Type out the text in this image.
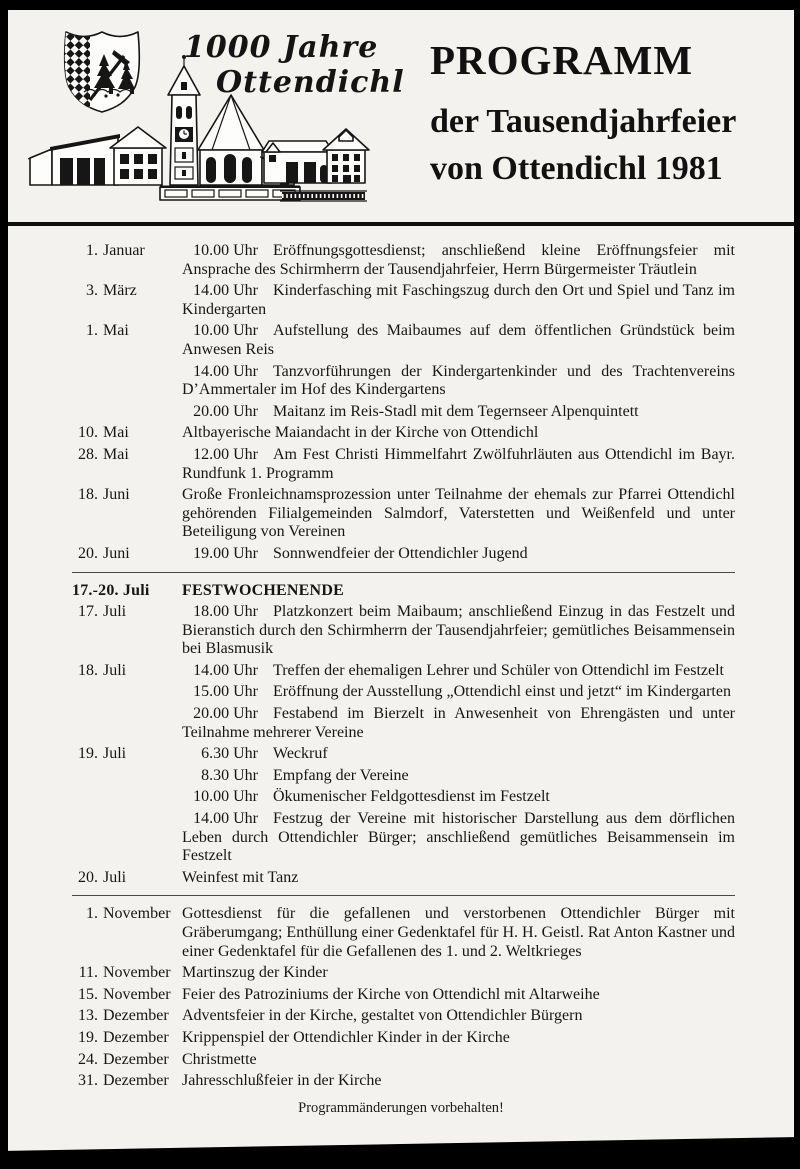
1000 Jahre
Ottendichl PROGRAMM

der Tausendjahrfeier

von Ottendichl 1981

1. Januar	10.00 Uhr Eröffnungsgottesdienst; anschließend kleine Eröffnungsfeier mit Ansprache des Schirmherrn der Tausendjahrfeier, Herrn Bürgermeister Träutlein
3. März	14.00 Uhr Kinderfasching mit Faschingszug durch den Ort und Spiel und Tanz im Kindergarten
1. Mai	10.00 Uhr Aufstellung des Maibaumes auf dem öffentlichen Gründstück beim Anwesen Reis
14.00 Uhr Tanzvorführungen der Kindergartenkinder und des Trachtenvereins D’Ammertaler im Hof des Kindergartens
20.00 Uhr Maitanz im Reis-Stadl mit dem Tegernseer Alpenquintett
10. Mai	Altbayerische Maiandacht in der Kirche von Ottendichl
28. Mai	12.00 Uhr Am Fest Christi Himmelfahrt Zwölfuhrläuten aus Ottendichl im Bayr. Rundfunk 1. Programm
18. Juni	Große Fronleichnamsprozession unter Teilnahme der ehemals zur Pfarrei Ottendichl gehörenden Filialgemeinden Salmdorf, Vaterstetten und Weißenfeld und unter Beteiligung von Vereinen
20. Juni	19.00 Uhr Sonnwendfeier der Ottendichler Jugend
17.-20. Juli	FESTWOCHENENDE
17. Juli	18.00 Uhr Platzkonzert beim Maibaum; anschließend Einzug in das Festzelt und Bieranstich durch den Schirmherrn der Tausendjahrfeier; gemütliches Beisammensein bei Blasmusik
18. Juli	14.00 Uhr Treffen der ehemaligen Lehrer und Schüler von Ottendichl im Festzelt
15.00 Uhr Eröffnung der Ausstellung „Ottendichl einst und jetzt“ im Kindergarten
20.00 Uhr Festabend im Bierzelt in Anwesenheit von Ehrengästen und unter Teilnahme mehrerer Vereine
19. Juli	6.30 Uhr Weckruf
8.30 Uhr Empfang der Vereine
10.00 Uhr Ökumenischer Feldgottesdienst im Festzelt
14.00 Uhr Festzug der Vereine mit historischer Darstellung aus dem dörflichen Leben durch Ottendichler Bürger; anschließend gemütliches Beisammensein im Festzelt
20. Juli	Weinfest mit Tanz
1. November Gottesdienst für die gefallenen und verstorbenen Ottendichler Bürger mit Gräberumgang; Enthüllung einer Gedenktafel für H. H. Geistl. Rat Anton Kastner und einer Gedenktafel für die Gefallenen des 1. und 2. Weltkrieges
11. November Martinszug der Kinder
15. November Feier des Patroziniums der Kirche von Ottendichl mit Altarweihe
13. Dezember Adventsfeier in der Kirche, gestaltet von Ottendichler Bürgern
19. Dezember Krippenspiel der Ottendichler Kinder in der Kirche
24. Dezember Christmette
31. Dezember Jahresschlußfeier in der Kirche
Programmänderungen vorbehalten!
